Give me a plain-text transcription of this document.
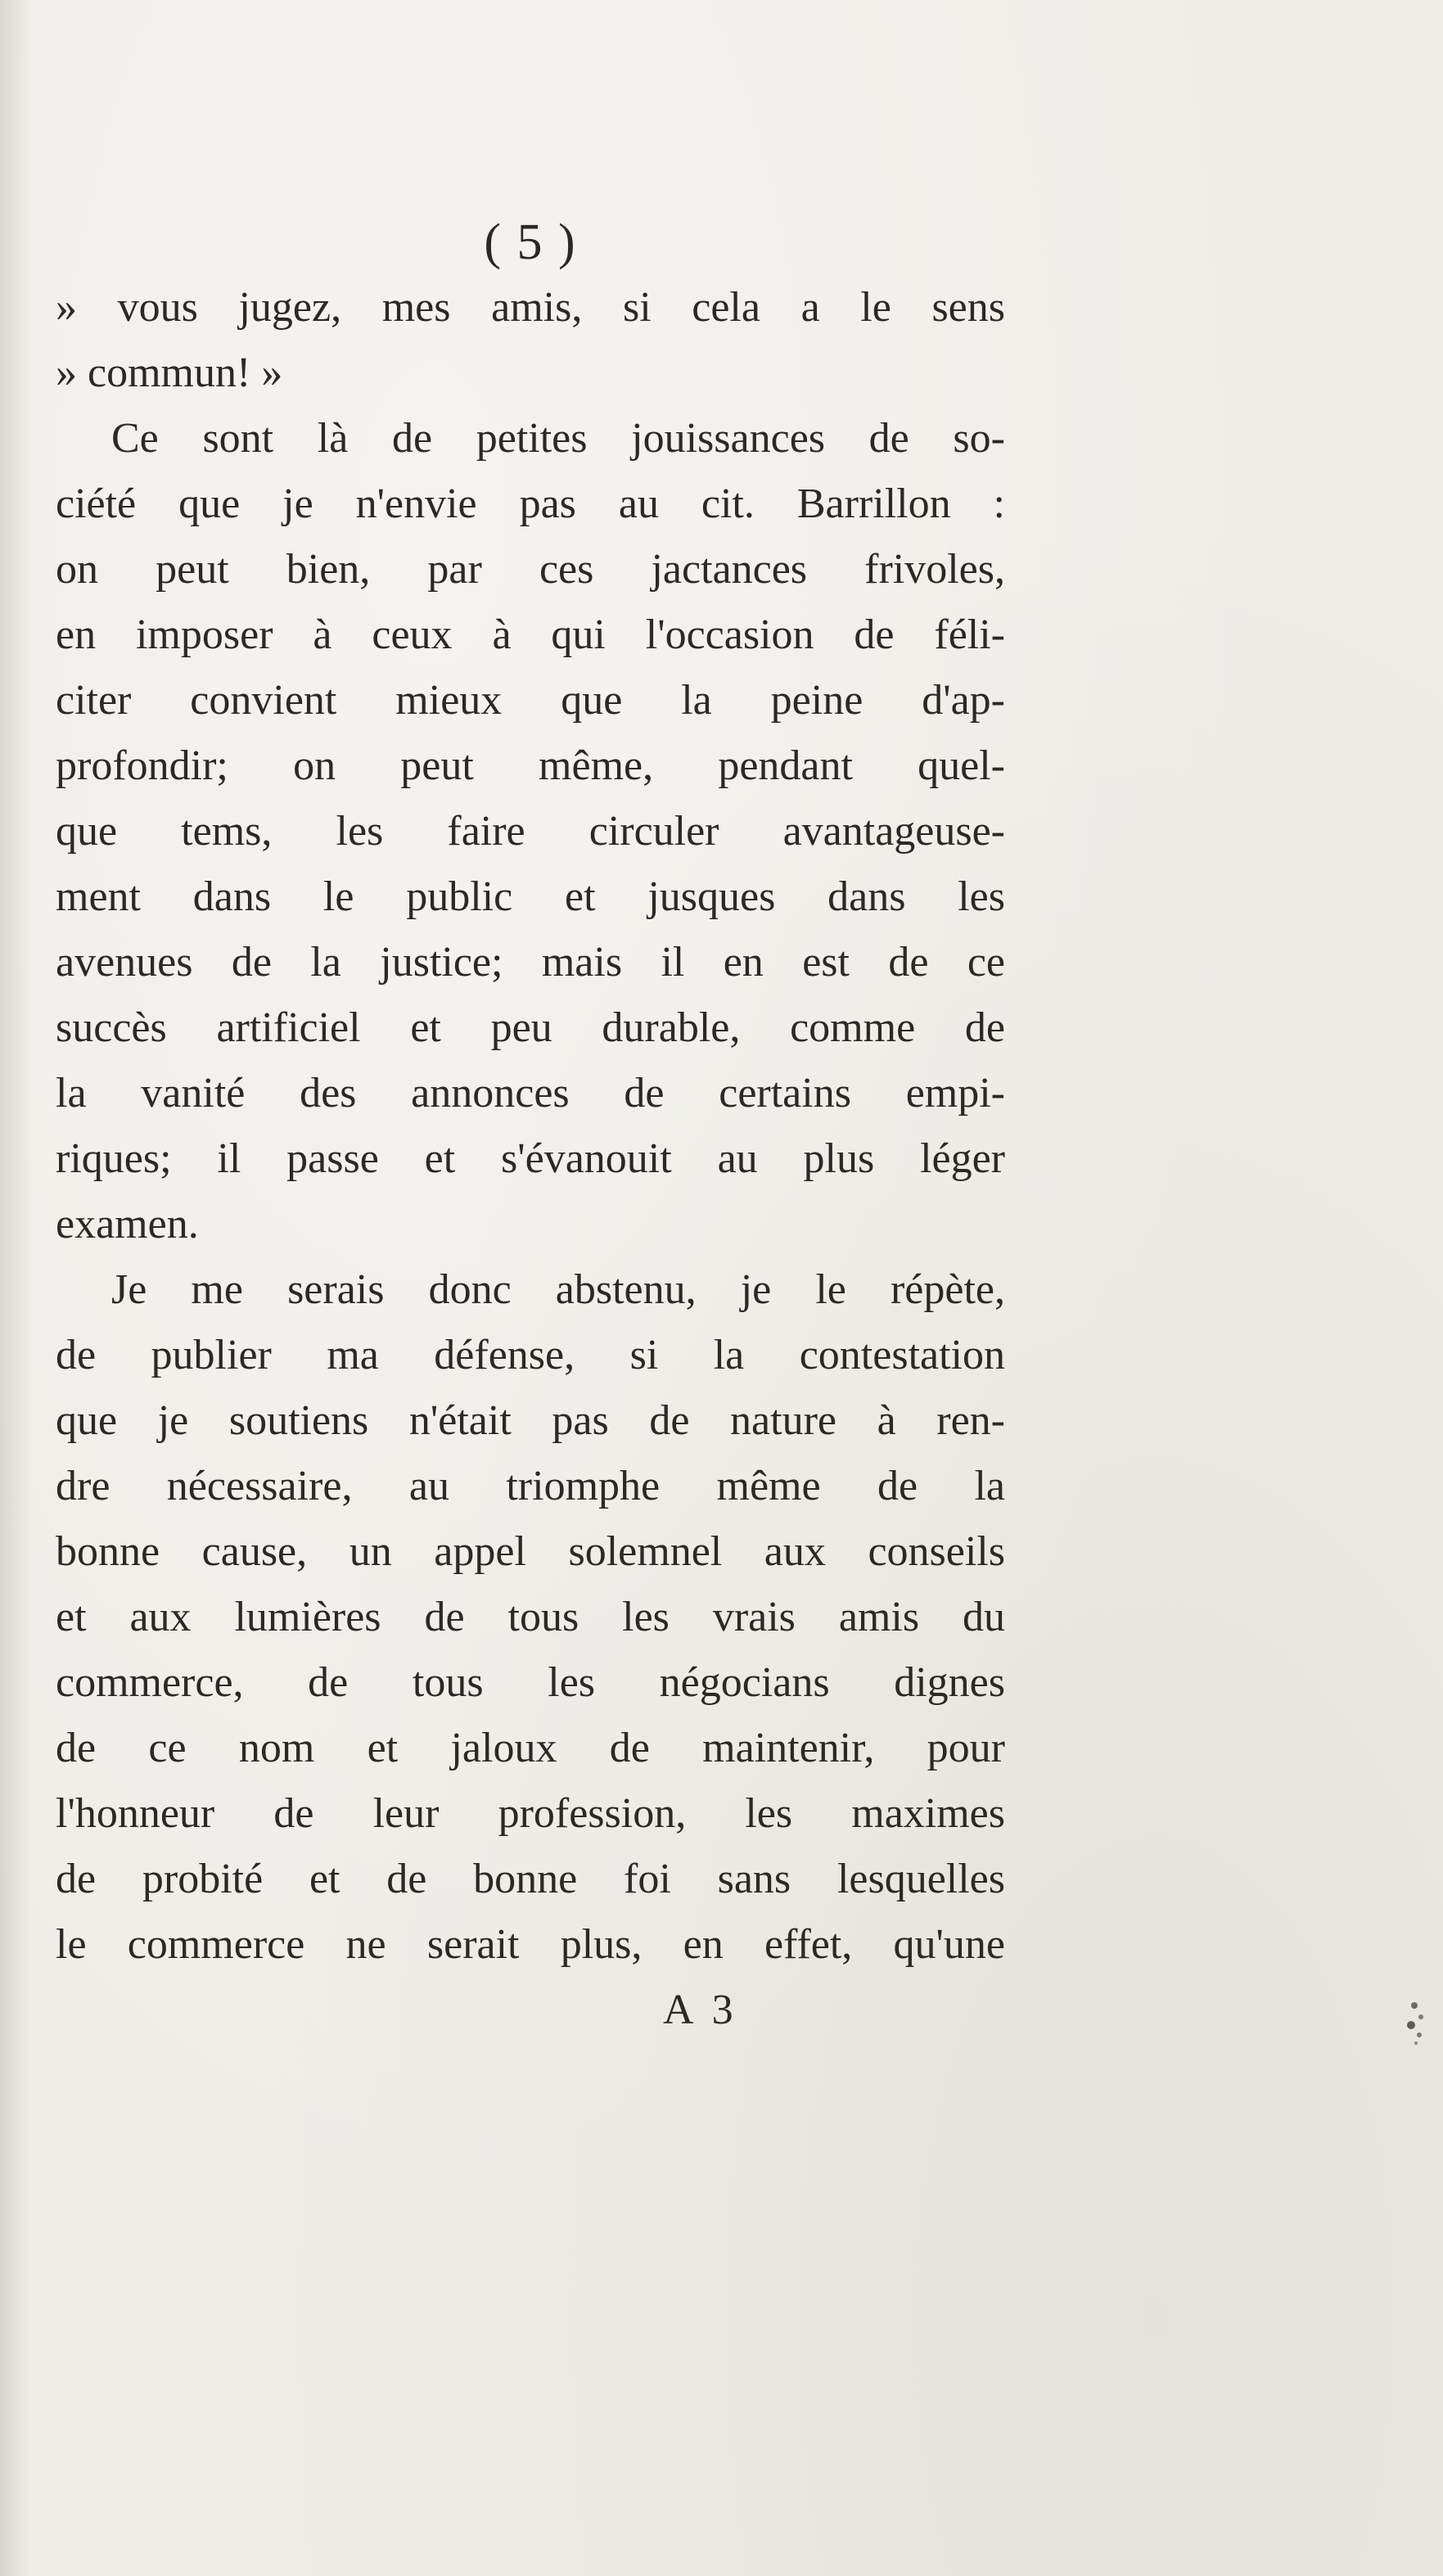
( 5 )
» vous jugez, mes amis, si cela a le sens
» commun! »
Ce sont là de petites jouissances de so-
ciété que je n'envie pas au cit. Barrillon :
on peut bien, par ces jactances frivoles,
en imposer à ceux à qui l'occasion de féli-
citer convient mieux que la peine d'ap-
profondir; on peut même, pendant quel-
que tems, les faire circuler avantageuse-
ment dans le public et jusques dans les
avenues de la justice; mais il en est de ce
succès artificiel et peu durable, comme de
la vanité des annonces de certains empi-
riques; il passe et s'évanouit au plus léger
examen.
Je me serais donc abstenu, je le répète,
de publier ma défense, si la contestation
que je soutiens n'était pas de nature à ren-
dre nécessaire, au triomphe même de la
bonne cause, un appel solemnel aux conseils
et aux lumières de tous les vrais amis du
commerce, de tous les négocians dignes
de ce nom et jaloux de maintenir, pour
l'honneur de leur profession, les maximes
de probité et de bonne foi sans lesquelles
le commerce ne serait plus, en effet, qu'une
A 3
